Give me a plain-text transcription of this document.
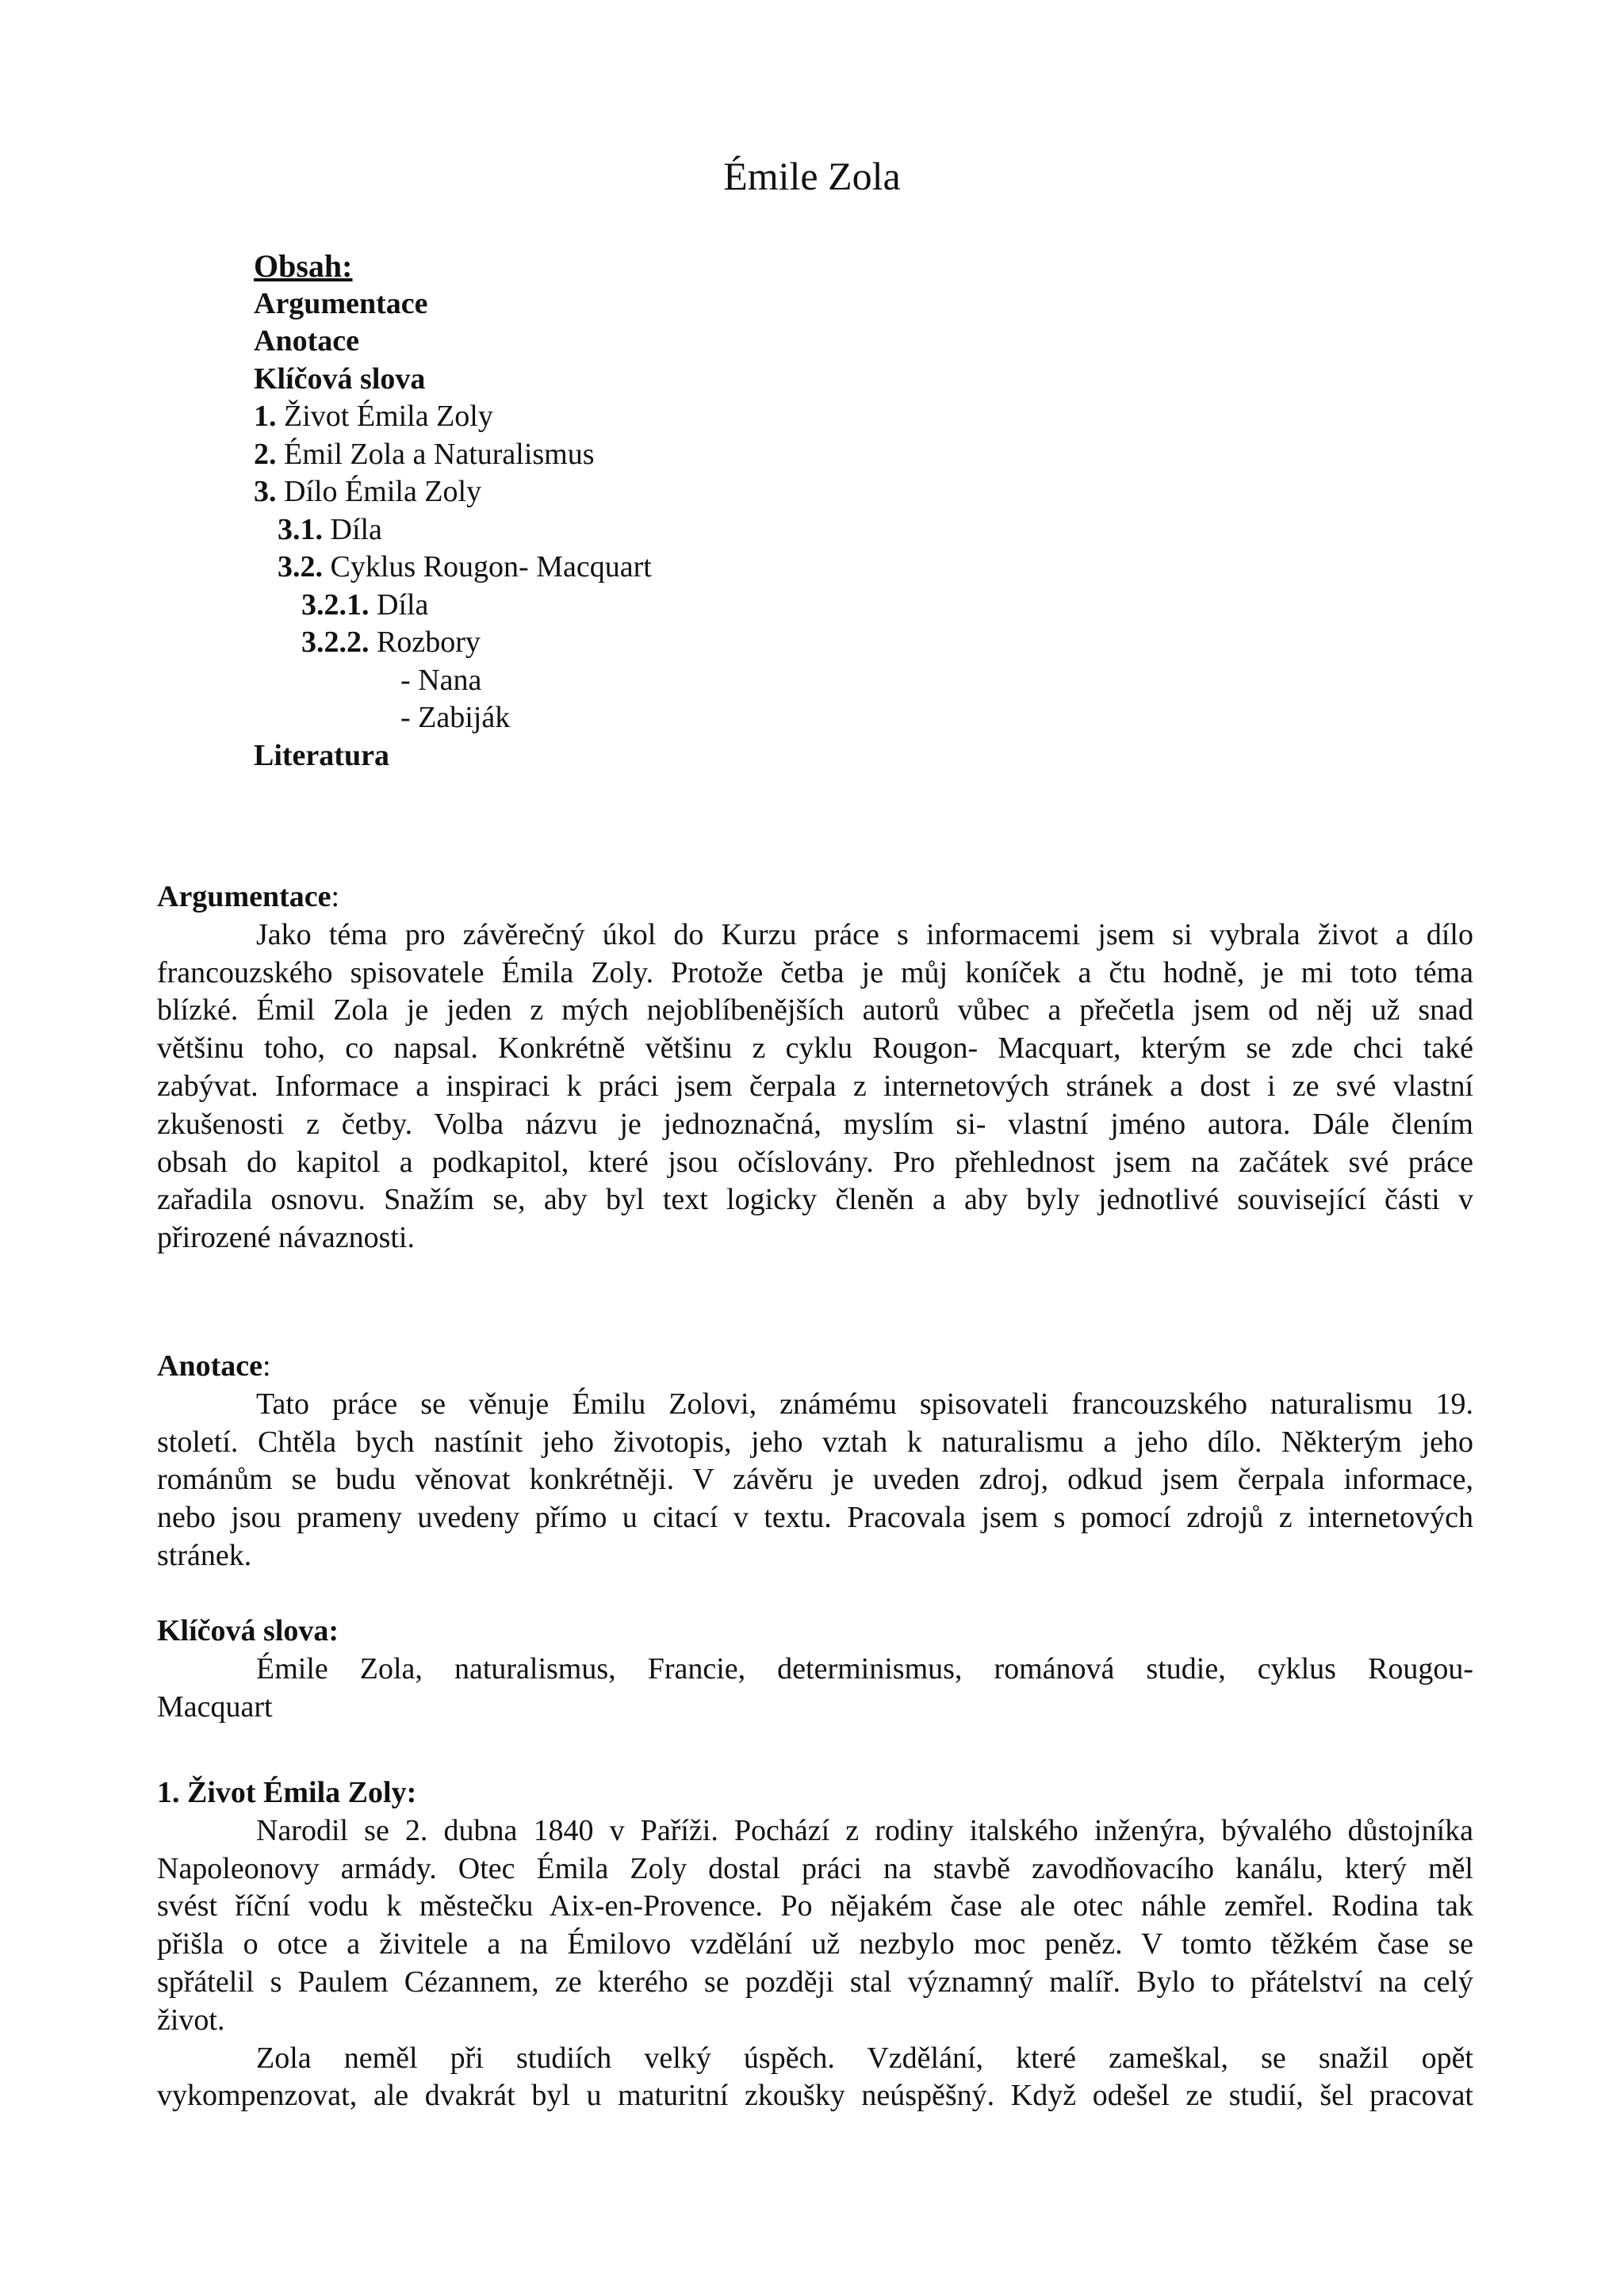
Émile Zola
Obsah:
Argumentace
Anotace
Klíčová slova
1. Život Émila Zoly
2. Émil Zola a Naturalismus
3. Dílo Émila Zoly
3.1. Díla
3.2. Cyklus Rougon- Macquart
3.2.1. Díla
3.2.2. Rozbory
- Nana
- Zabiják
Literatura
Argumentace:
Jako téma pro závěrečný úkol do Kurzu práce s informacemi jsem si vybrala život a dílo
francouzského spisovatele Émila Zoly. Protože četba je můj koníček a čtu hodně, je mi toto téma
blízké. Émil Zola je jeden z mých nejoblíbenějších autorů vůbec a přečetla jsem od něj už snad
většinu toho, co napsal. Konkrétně většinu z cyklu Rougon- Macquart, kterým se zde chci také
zabývat. Informace a inspiraci k práci jsem čerpala z internetových stránek a dost i ze své vlastní
zkušenosti z četby. Volba názvu je jednoznačná, myslím si- vlastní jméno autora. Dále člením
obsah do kapitol a podkapitol, které jsou očíslovány. Pro přehlednost jsem na začátek své práce
zařadila osnovu. Snažím se, aby byl text logicky členěn a aby byly jednotlivé související části v
přirozené návaznosti.
Anotace:
Tato práce se věnuje Émilu Zolovi, známému spisovateli francouzského naturalismu 19.
století. Chtěla bych nastínit jeho životopis, jeho vztah k naturalismu a jeho dílo. Některým jeho
románům se budu věnovat konkrétněji. V závěru je uveden zdroj, odkud jsem čerpala informace,
nebo jsou prameny uvedeny přímo u citací v textu. Pracovala jsem s pomocí zdrojů z internetových
stránek.
Klíčová slova:
Émile Zola, naturalismus, Francie, determinismus, románová studie, cyklus Rougou-
Macquart
1. Život Émila Zoly:
Narodil se 2. dubna 1840 v Paříži. Pochází z rodiny italského inženýra, bývalého důstojníka
Napoleonovy armády. Otec Émila Zoly dostal práci na stavbě zavodňovacího kanálu, který měl
svést říční vodu k městečku Aix-en-Provence. Po nějakém čase ale otec náhle zemřel. Rodina tak
přišla o otce a živitele a na Émilovo vzdělání už nezbylo moc peněz. V tomto těžkém čase se
spřátelil s Paulem Cézannem, ze kterého se později stal významný malíř. Bylo to přátelství na celý
život.
Zola neměl při studiích velký úspěch. Vzdělání, které zameškal, se snažil opět
vykompenzovat, ale dvakrát byl u maturitní zkoušky neúspěšný. Když odešel ze studií, šel pracovat
